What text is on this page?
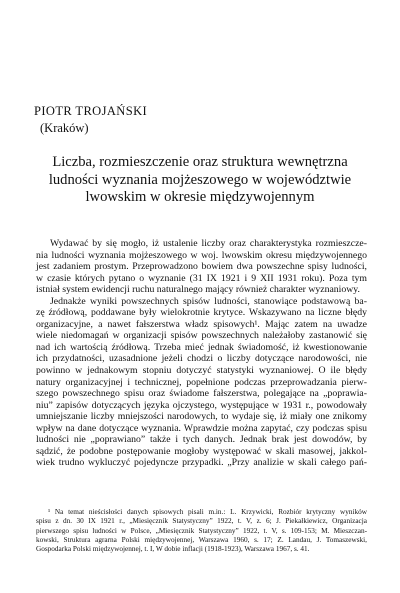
PIOTR TROJAŃSKI
(Kraków)
Liczba, rozmieszczenie oraz struktura wewnętrzna
ludności wyznania mojżeszowego w województwie
lwowskim w okresie międzywojennym
Wydawać by się mogło, iż ustalenie liczby oraz charakterystyka rozmieszcze-
nia ludności wyznania mojżeszowego w woj. lwowskim okresu międzywojennego
jest zadaniem prostym. Przeprowadzono bowiem dwa powszechne spisy ludności,
w czasie których pytano o wyznanie (31 IX 1921 i 9 XII 1931 roku). Poza tym
istniał system ewidencji ruchu naturalnego mający również charakter wyznaniowy.
Jednakże wyniki powszechnych spisów ludności, stanowiące podstawową ba-
zę źródłową, poddawane były wielokrotnie krytyce. Wskazywano na liczne błędy
organizacyjne, a nawet fałszerstwa władz spisowych¹. Mając zatem na uwadze
wiele niedomagań w organizacji spisów powszechnych należałoby zastanowić się
nad ich wartością źródłową. Trzeba mieć jednak świadomość, iż kwestionowanie
ich przydatności, uzasadnione jeżeli chodzi o liczby dotyczące narodowości, nie
powinno w jednakowym stopniu dotyczyć statystyki wyznaniowej. O ile błędy
natury organizacyjnej i technicznej, popełnione podczas przeprowadzania pierw-
szego powszechnego spisu oraz świadome fałszerstwa, polegające na „poprawia-
niu” zapisów dotyczących języka ojczystego, występujące w 1931 r., powodowały
umniejszanie liczby mniejszości narodowych, to wydaje się, iż miały one znikomy
wpływ na dane dotyczące wyznania. Wprawdzie można zapytać, czy podczas spisu
ludności nie „poprawiano” także i tych danych. Jednak brak jest dowodów, by
sądzić, że podobne postępowanie mogłoby występować w skali masowej, jakkol-
wiek trudno wykluczyć pojedyncze przypadki. „Przy analizie w skali całego pań-
¹ Na temat nieścisłości danych spisowych pisali m.in.: L. Krzywicki, Rozbiór krytyczny wyników
spisu z dn. 30 IX 1921 r., „Miesięcznik Statystyczny” 1922, t. V, z. 6; J. Piekałkiewicz, Organizacja
pierwszego spisu ludności w Polsce, „Miesięcznik Statystyczny” 1922, t. V, s. 109-153; M. Mieszczan-
kowski, Struktura agrarna Polski międzywojennej, Warszawa 1960, s. 17; Z. Landau, J. Tomaszewski,
Gospodarka Polski międzywojennej, t. I, W dobie inflacji (1918-1923), Warszawa 1967, s. 41.
